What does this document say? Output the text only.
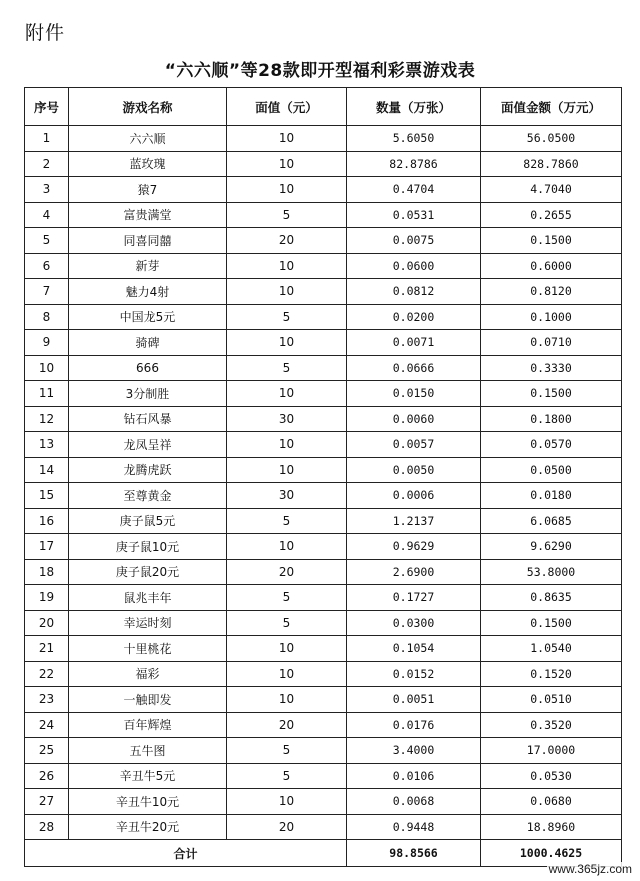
附件
“六六顺”等28款即开型福利彩票游戏表
序号	游戏名称	面值（元）	数量（万张）	面值金额（万元）
1	六六顺	10	5.6050	56.0500
2	蓝玫瑰	10	82.8786	828.7860
3	猿7	10	0.4704	4.7040
4	富贵满堂	5	0.0531	0.2655
5	同喜同囍	20	0.0075	0.1500
6	新芽	10	0.0600	0.6000
7	魅力4射	10	0.0812	0.8120
8	中国龙5元	5	0.0200	0.1000
9	骑碑	10	0.0071	0.0710
10	666	5	0.0666	0.3330
11	3分制胜	10	0.0150	0.1500
12	钻石风暴	30	0.0060	0.1800
13	龙凤呈祥	10	0.0057	0.0570
14	龙腾虎跃	10	0.0050	0.0500
15	至尊黄金	30	0.0006	0.0180
16	庚子鼠5元	5	1.2137	6.0685
17	庚子鼠10元	10	0.9629	9.6290
18	庚子鼠20元	20	2.6900	53.8000
19	鼠兆丰年	5	0.1727	0.8635
20	幸运时刻	5	0.0300	0.1500
21	十里桃花	10	0.1054	1.0540
22	福彩	10	0.0152	0.1520
23	一触即发	10	0.0051	0.0510
24	百年辉煌	20	0.0176	0.3520
25	五牛图	5	3.4000	17.0000
26	辛丑牛5元	5	0.0106	0.0530
27	辛丑牛10元	10	0.0068	0.0680
28	辛丑牛20元	20	0.9448	18.8960
合计			98.8566	1000.4625
www.365jz.com
